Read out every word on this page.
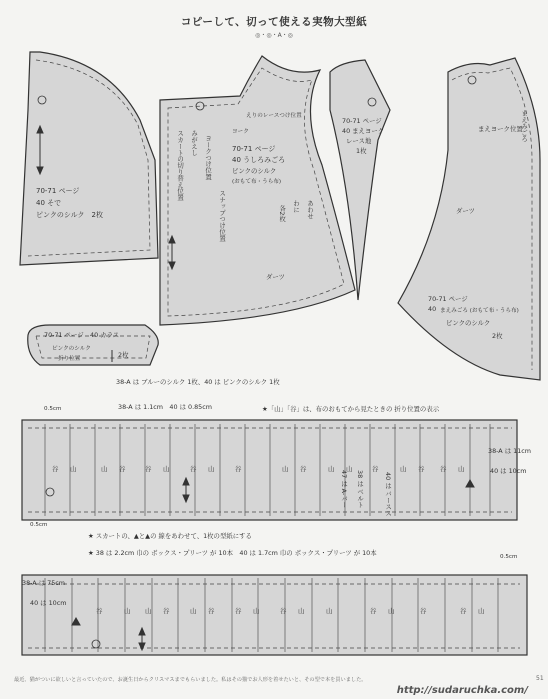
コピーして、切って使える実物大型紙
◎・◎・A・◎
70-71 ページ
40 そで
ピンクのシルク　2枚
えりのレースつけ位置
ヨーク
70-71 ページ
40 うしろみごろ
ピンクのシルク
(おもて布・うら布)
ダーツ
スカートの切り替え位置 みがえし ヨークつけ位置
スナップつけ位置	わに あわせ
各2枚
70-71 ページ
40 まえヨーク
レース地
1枚
まえヨーク位置
まえみごろ
ダーツ
70-71 ページ
40 まえみごろ (おもて布・うら布)
ピンクのシルク
2枚
70-71 ページ　40 カラス
ピンクのシルク
2枚
折り位置
38-A は ブルーのシルク 1枚、40 は ピンクのシルク 1枚
0.5cm
0.5cm
38-A は 1.1cm　40 は 0.85cm	★「山」「谷」は、布のおもてから見たときの 折り位置の表示
38-A は 11cm
40 は 10cm
47 は A-バー 38 は ベルト	40 は バースス
谷 山	山 谷	谷 山	谷 山	谷	山 谷	山 山	谷	山 谷 谷 山
★ スカートの、▲と▲の 線をあわせて、1枚の型紙にする
★ 38 は 2.2cm 巾の ボックス・プリーツ が 10本　40 は 1.7cm 巾の ボックス・プリーツ が 10本	0.5cm
38-A は 75cm
40 は 10cm
谷	山 山 谷	山 谷	谷 山	谷 山	山	谷 山	谷	谷 山
最近、猫がついに欲しいと言っていたので、お誕生日からクリスマスまでもらいました。私はその猫でお人形を着せたいと、その型で本を買いました。	51
http://sudaruchka.com/
